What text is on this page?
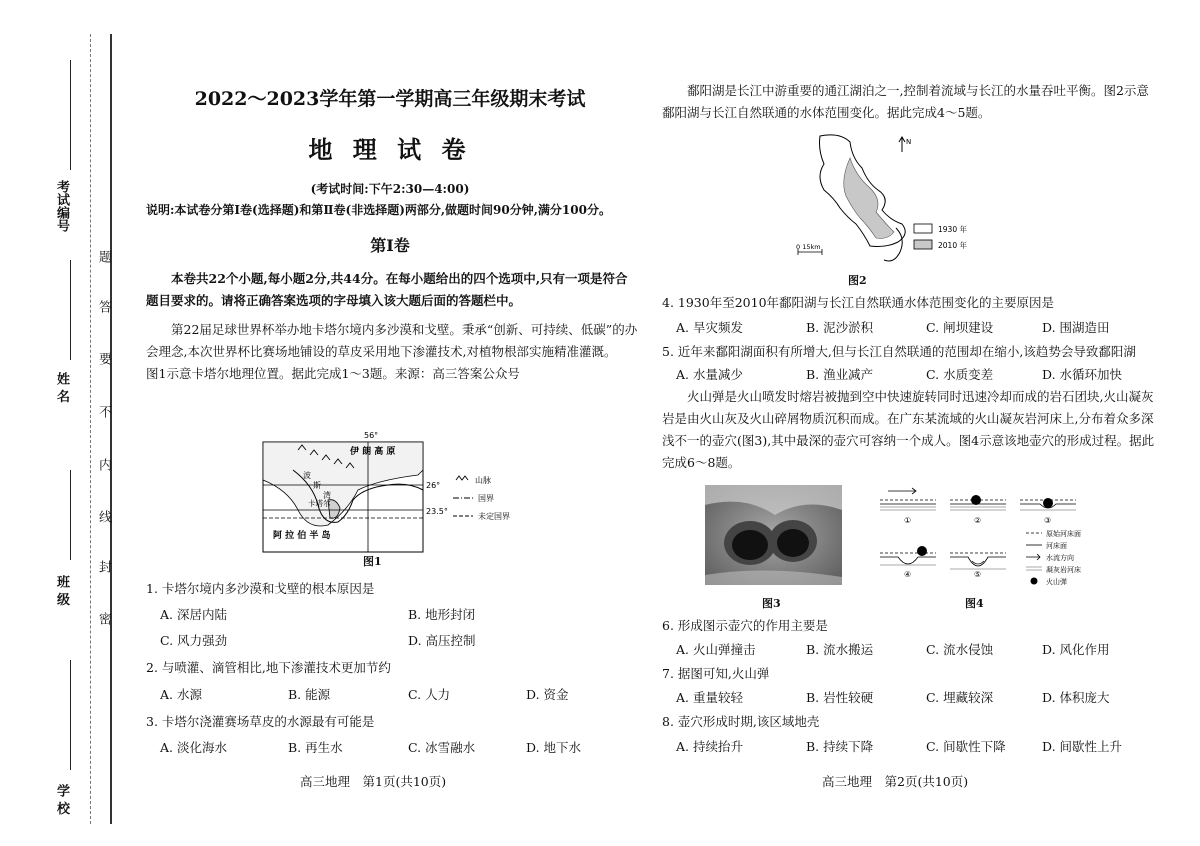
考试编号
姓 名
班 级
学 校
密
封
线
内
不
要
答
题
2022～2023学年第一学期高三年级期末考试
地 理 试 卷
(考试时间:下午2:30—4:00)
说明:本试卷分第Ⅰ卷(选择题)和第Ⅱ卷(非选择题)两部分,做题时间90分钟,满分100分。
第Ⅰ卷

本卷共22个小题,每小题2分,共44分。在每小题给出的四个选项中,只有一项是符合

题目要求的。请将正确答案选项的字母填入该大题后面的答题栏中。

第22届足球世界杯举办地卡塔尔境内多沙漠和戈壁。秉承“创新、可持续、低碳”的办

会理念,本次世界杯比赛场地铺设的草皮采用地下渗灌技术,对植物根部实施精准灌溉。

图1示意卡塔尔地理位置。据此完成1～3题。来源：高三答案公众号

56°
26°
23.5°
伊 朗 高 原
波
斯
湾
卡塔尔
阿 拉 伯 半 岛
山脉
国界
未定国界
图1
1. 卡塔尔境内多沙漠和戈壁的根本原因是
A. 深居内陆	B. 地形封闭
C. 风力强劲	D. 高压控制
2. 与喷灌、滴管相比,地下渗灌技术更加节约
A. 水源	B. 能源	C. 人力	D. 资金
3. 卡塔尔浇灌赛场草皮的水源最有可能是
A. 淡化海水	B. 再生水	C. 冰雪融水	D. 地下水
高三地理　第1页(共10页)

鄱阳湖是长江中游重要的通江湖泊之一,控制着流域与长江的水量吞吐平衡。图2示意

鄱阳湖与长江自然联通的水体范围变化。据此完成4～5题。

N
0 15km
1930 年
2010 年
图2
4. 1930年至2010年鄱阳湖与长江自然联通水体范围变化的主要原因是
A. 旱灾频发	B. 泥沙淤积	C. 闸坝建设	D. 围湖造田
5. 近年来鄱阳湖面积有所增大,但与长江自然联通的范围却在缩小,该趋势会导致鄱阳湖
A. 水量减少	B. 渔业减产	C. 水质变差	D. 水循环加快

火山弹是火山喷发时熔岩被抛到空中快速旋转同时迅速冷却而成的岩石团块,火山凝灰

岩是由火山灰及火山碎屑物质沉积而成。在广东某流域的火山凝灰岩河床上,分布着众多深

浅不一的壶穴(图3),其中最深的壶穴可容纳一个成人。图4示意该地壶穴的形成过程。据此

完成6～8题。

图3
①	②	③
④	⑤
原始河床面
河床面
水流方向
凝灰岩河床
火山弹
图4
6. 形成图示壶穴的作用主要是
A. 火山弹撞击	B. 流水搬运	C. 流水侵蚀	D. 风化作用
7. 据图可知,火山弹
A. 重量较轻	B. 岩性较硬	C. 埋藏较深	D. 体积庞大
8. 壶穴形成时期,该区域地壳
A. 持续抬升	B. 持续下降	C. 间歇性下降	D. 间歇性上升
高三地理　第2页(共10页)
